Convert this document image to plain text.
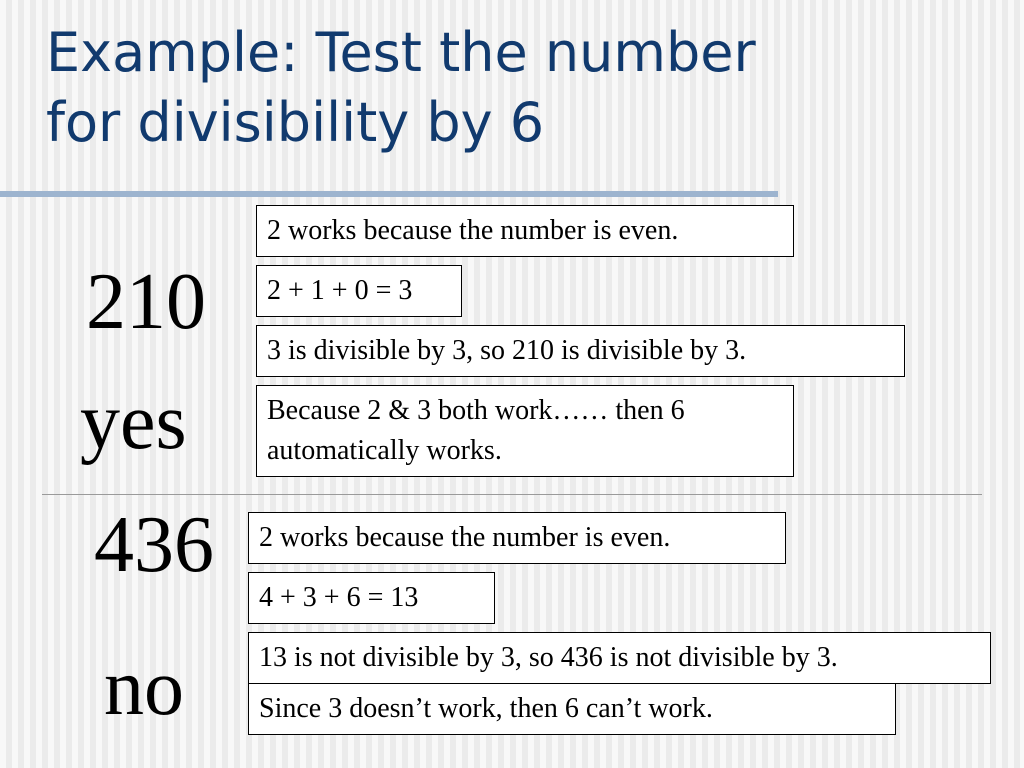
Example: Test the number
for divisibility by 6
210
yes
2 works because the number is even.
2 + 1 + 0 = 3
3 is divisible by 3, so 210 is divisible by 3.
Because 2 & 3 both work…… then 6 automatically works.
436
no
2 works because the number is even.
4 + 3 + 6 = 13
13 is not divisible by 3, so 436 is not divisible by 3.
Since 3 doesn’t work, then 6 can’t work.
